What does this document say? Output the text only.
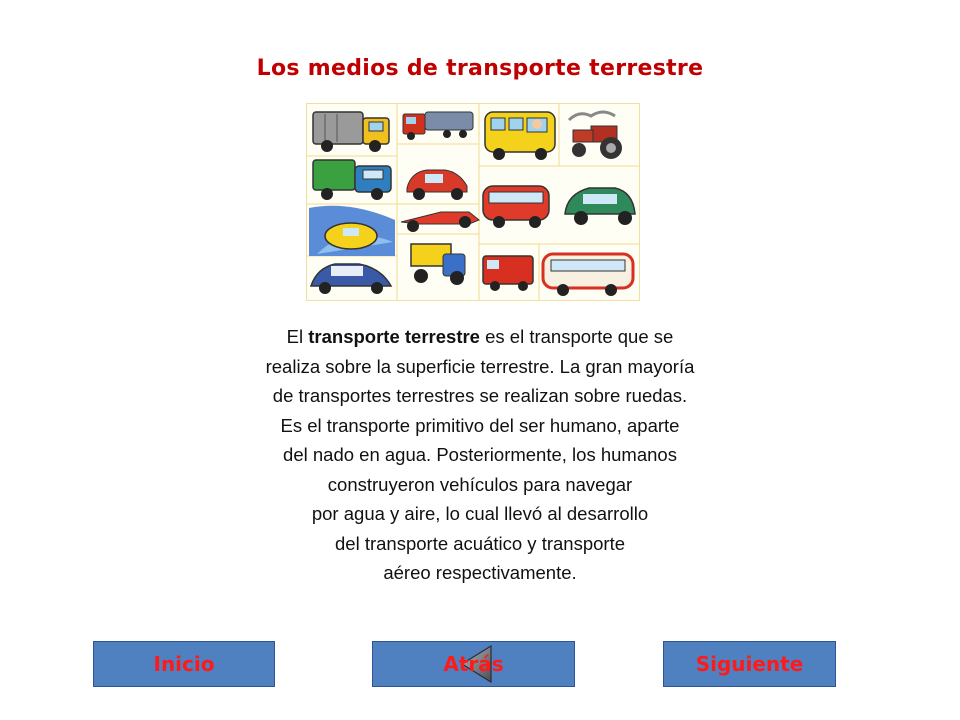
Los medios de transporte terrestre
El transporte terrestre es el transporte que se
realiza sobre la superficie terrestre. La gran mayoría
de transportes terrestres se realizan sobre ruedas.
Es el transporte primitivo del ser humano, aparte
del nado en agua. Posteriormente, los humanos
construyeron vehículos para navegar
por agua y aire, lo cual llevó al desarrollo
del transporte acuático y transporte
aéreo respectivamente.
Inicio	Atrás	Siguiente
